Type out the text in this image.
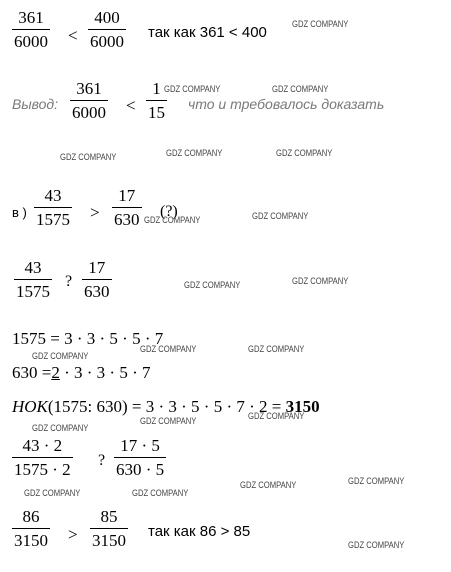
361
6000 <
400
6000 так как 361 < 400
Вывод:
361
6000 <
1
15 что и требовалось доказать
в )
43
1575 >
17
630 (?)
43
1575
?
17
630
1575 = 3 · 3 · 5 · 5 · 7
630 =2 · 3 · 3 · 5 · 7
НОК(1575: 630) = 3 · 3 · 5 · 5 · 7 · 2 = 3150
43 · 2
1575 · 2 ?
17 · 5
630 · 5
86
3150 >
85
3150 так как 86 > 85
GDZ COMPANY
GDZ COMPANY	GDZ COMPANY
GDZ COMPANY	GDZ COMPANY	GDZ COMPANY
GDZ COMPANY	GDZ COMPANY
GDZ COMPANY	GDZ COMPANY
GDZ COMPANY
GDZ COMPANY	GDZ COMPANY
GDZ COMPANY
GDZ COMPANY	GDZ COMPANY
GDZ COMPANY	GDZ COMPANY
GDZ COMPANY	GDZ COMPANY
GDZ COMPANY
